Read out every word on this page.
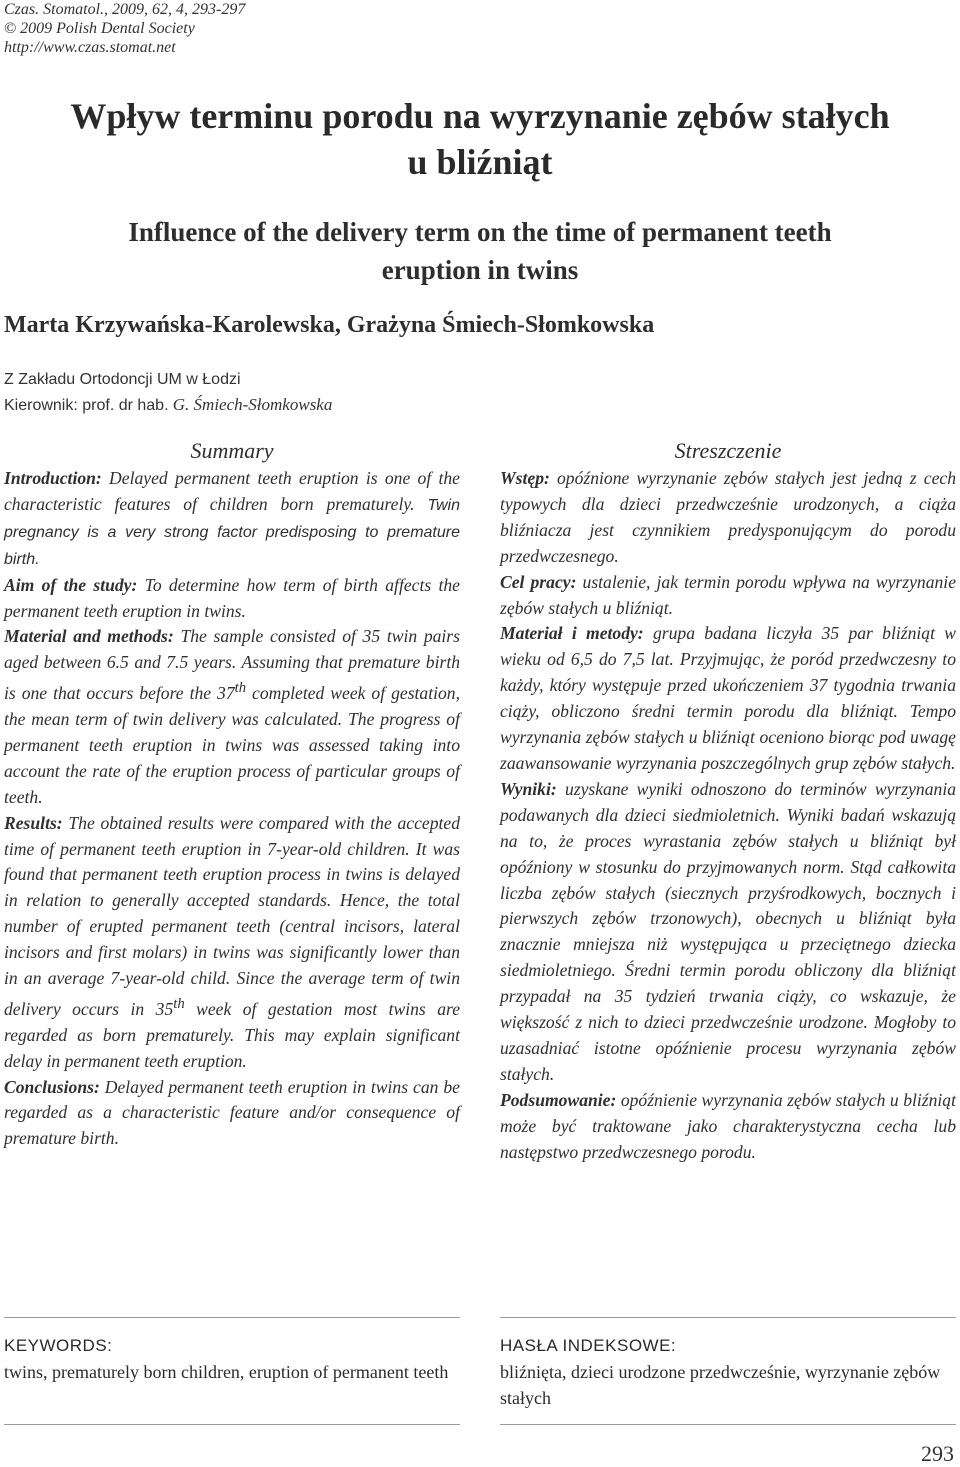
Czas. Stomatol., 2009, 62, 4, 293-297
© 2009 Polish Dental Society
http://www.czas.stomat.net
Wpływ terminu porodu na wyrzynanie zębów stałych
u bliźniąt
Influence of the delivery term on the time of permanent teeth
eruption in twins
Marta Krzywańska-Karolewska, Grażyna Śmiech-Słomkowska
Z Zakładu Ortodoncji UM w Łodzi
Kierownik: prof. dr hab. G. Śmiech-Słomkowska
Summary

Introduction: Delayed permanent teeth eruption is one of the characteristic features of children born prematurely. Twin pregnancy is a very strong factor predisposing to premature birth.

Aim of the study: To determine how term of birth affects the permanent teeth eruption in twins.

Material and methods: The sample consisted of 35 twin pairs aged between 6.5 and 7.5 years. Assuming that premature birth is one that occurs before the 37th completed week of gestation, the mean term of twin delivery was calculated. The progress of permanent teeth eruption in twins was assessed taking into account the rate of the eruption process of particular groups of teeth.

Results: The obtained results were compared with the accepted time of permanent teeth eruption in 7-year-old children. It was found that permanent teeth eruption process in twins is delayed in relation to generally accepted standards. Hence, the total number of erupted permanent teeth (central incisors, lateral incisors and first molars) in twins was significantly lower than in an average 7-year-old child. Since the average term of twin delivery occurs in 35th week of gestation most twins are regarded as born prematurely. This may explain significant delay in permanent teeth eruption.

Conclusions: Delayed permanent teeth eruption in twins can be regarded as a characteristic feature and/or consequence of premature birth.

Streszczenie

Wstęp: opóźnione wyrzynanie zębów stałych jest jedną z cech typowych dla dzieci przedwcześnie urodzonych, a ciąża bliźniacza jest czynnikiem predysponującym do porodu przedwczesnego.

Cel pracy: ustalenie, jak termin porodu wpływa na wyrzynanie zębów stałych u bliźniąt.

Materiał i metody: grupa badana liczyła 35 par bliźniąt w wieku od 6,5 do 7,5 lat. Przyjmując, że poród przedwczesny to każdy, który występuje przed ukończeniem 37 tygodnia trwania ciąży, obliczono średni termin porodu dla bliźniąt. Tempo wyrzynania zębów stałych u bliźniąt oceniono biorąc pod uwagę zaawansowanie wyrzynania poszczególnych grup zębów stałych.

Wyniki: uzyskane wyniki odnoszono do terminów wyrzynania podawanych dla dzieci siedmioletnich. Wyniki badań wskazują na to, że proces wyrastania zębów stałych u bliźniąt był opóźniony w stosunku do przyjmowanych norm. Stąd całkowita liczba zębów stałych (siecznych przyśrodkowych, bocznych i pierwszych zębów trzonowych), obecnych u bliźniąt była znacznie mniejsza niż występująca u przeciętnego dziecka siedmioletniego. Średni termin porodu obliczony dla bliźniąt przypadał na 35 tydzień trwania ciąży, co wskazuje, że większość z nich to dzieci przedwcześnie urodzone. Mogłoby to uzasadniać istotne opóźnienie procesu wyrzynania zębów stałych.

Podsumowanie: opóźnienie wyrzynania zębów stałych u bliźniąt może być traktowane jako charakterystyczna cecha lub następstwo przedwczesnego porodu.

KEYWORDS:
twins, prematurely born children, eruption of permanent teeth
HASŁA INDEKSOWE:
bliźnięta, dzieci urodzone przedwcześnie, wyrzynanie zębów stałych
293
